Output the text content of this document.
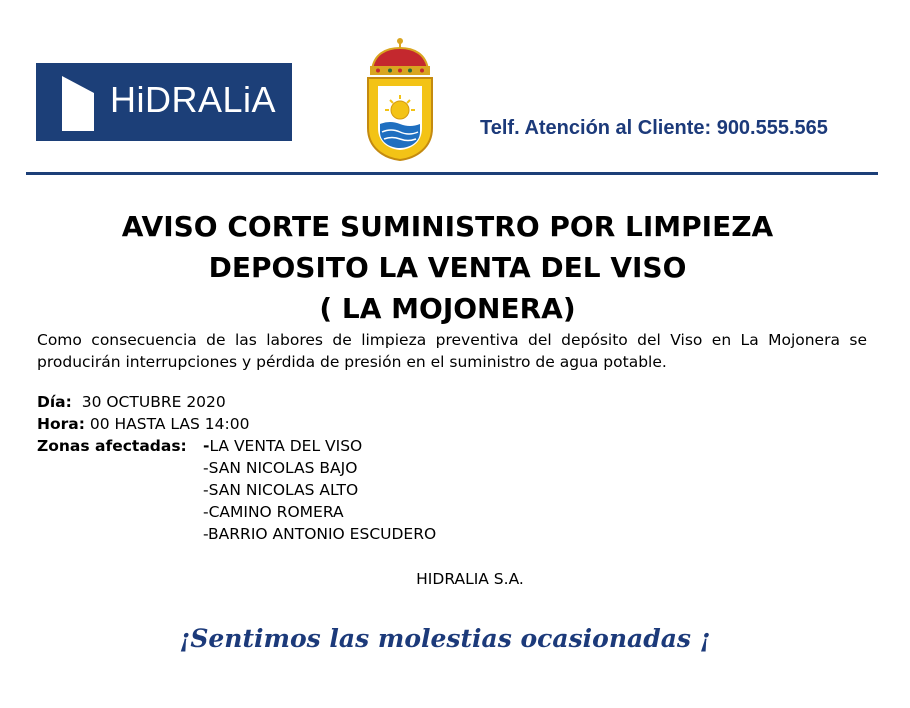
HiDRALiA
Telf. Atención al Cliente: 900.555.565
AVISO CORTE SUMINISTRO POR LIMPIEZA
DEPOSITO LA VENTA DEL VISO
( LA MOJONERA)

Como consecuencia de las labores de limpieza preventiva del depósito del Viso en La Mojonera se producirán interrupciones y pérdida de presión en el suministro de agua potable.

Día: 30 OCTUBRE 2020
Hora: 00 HASTA LAS 14:00
Zonas afectadas: -LA VENTA DEL VISO
-SAN NICOLAS BAJO
-SAN NICOLAS ALTO
-CAMINO ROMERA
-BARRIO ANTONIO ESCUDERO
HIDRALIA S.A.
¡Sentimos las molestias ocasionadas ¡
